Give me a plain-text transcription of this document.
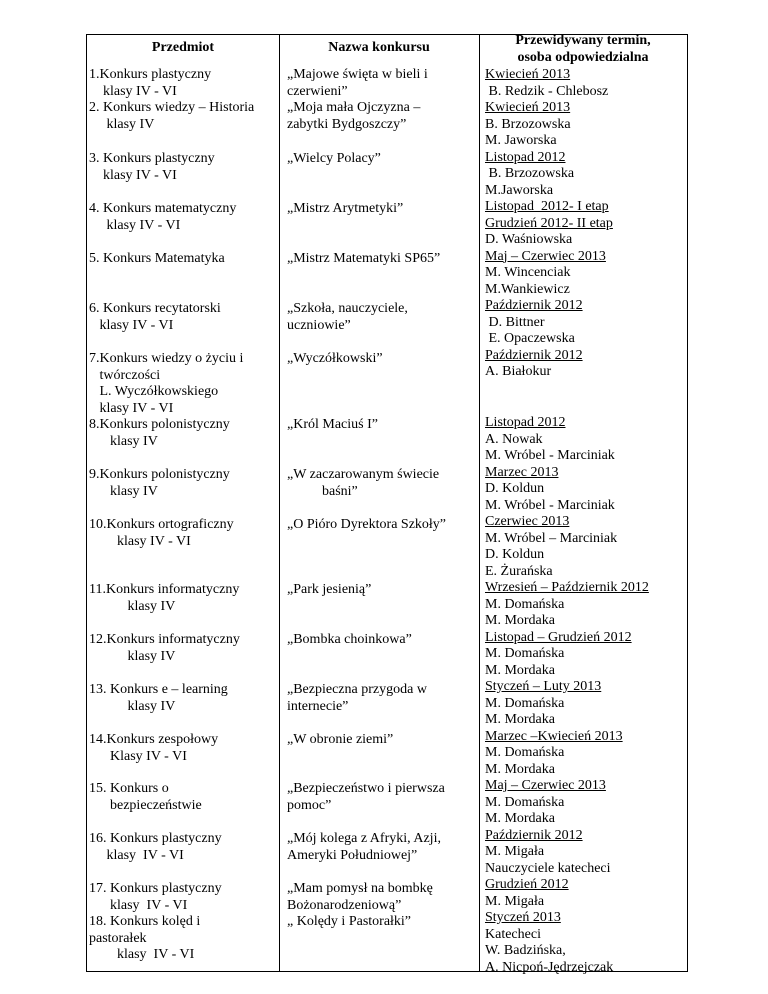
Przedmiot	Nazwa konkursu	Przewidywany termin,
osoba odpowiedzialna
1.Konkurs plastyczny
klasy IV - VI
2. Konkurs wiedzy – Historia
klasy IV
3. Konkurs plastyczny
klasy IV - VI
4. Konkurs matematyczny
klasy IV - VI
5. Konkurs Matematyka
6. Konkurs recytatorski
klasy IV - VI
7.Konkurs wiedzy o życiu i
twórczości
L. Wyczółkowskiego
klasy IV - VI
8.Konkurs polonistyczny
klasy IV
9.Konkurs polonistyczny
klasy IV
10.Konkurs ortograficzny
klasy IV - VI
11.Konkurs informatyczny
klasy IV
12.Konkurs informatyczny
klasy IV
13. Konkurs e – learning
klasy IV
14.Konkurs zespołowy
Klasy IV - VI
15. Konkurs o
bezpieczeństwie
16. Konkurs plastyczny
klasy  IV - VI
17. Konkurs plastyczny
klasy  IV - VI
18. Konkurs kolęd i
pastorałek
klasy  IV - VI
„Majowe święta w bieli i
czerwieni”
„Moja mała Ojczyzna –
zabytki Bydgoszczy”
„Wielcy Polacy”
„Mistrz Arytmetyki”
„Mistrz Matematyki SP65”
„Szkoła, nauczyciele,
uczniowie”
„Wyczółkowski”
„Król Maciuś I”
„W zaczarowanym świecie
baśni”
„O Pióro Dyrektora Szkoły”
„Park jesienią”
„Bombka choinkowa”
„Bezpieczna przygoda w
internecie”
„W obronie ziemi”
„Bezpieczeństwo i pierwsza
pomoc”
„Mój kolega z Afryki, Azji,
Ameryki Południowej”
„Mam pomysł na bombkę
Bożonarodzeniową”
„ Kolędy i Pastorałki”
Kwiecień 2013
B. Redzik - Chlebosz
Kwiecień 2013
B. Brzozowska
M. Jaworska
Listopad 2012
B. Brzozowska
M.Jaworska
Listopad  2012- I etap
Grudzień 2012- II etap
D. Waśniowska
Maj – Czerwiec 2013
M. Wincenciak
M.Wankiewicz
Październik 2012
D. Bittner
E. Opaczewska
Październik 2012
A. Białokur
Listopad 2012
A. Nowak
M. Wróbel - Marciniak
Marzec 2013
D. Koldun
M. Wróbel - Marciniak
Czerwiec 2013
M. Wróbel – Marciniak
D. Koldun
E. Żurańska
Wrzesień – Październik 2012
M. Domańska
M. Mordaka
Listopad – Grudzień 2012
M. Domańska
M. Mordaka
Styczeń – Luty 2013
M. Domańska
M. Mordaka
Marzec –Kwiecień 2013
M. Domańska
M. Mordaka
Maj – Czerwiec 2013
M. Domańska
M. Mordaka
Październik 2012
M. Migała
Nauczyciele katecheci
Grudzień 2012
M. Migała
Styczeń 2013
Katecheci
W. Badzińska,
A. Nicpoń-Jędrzejczak
